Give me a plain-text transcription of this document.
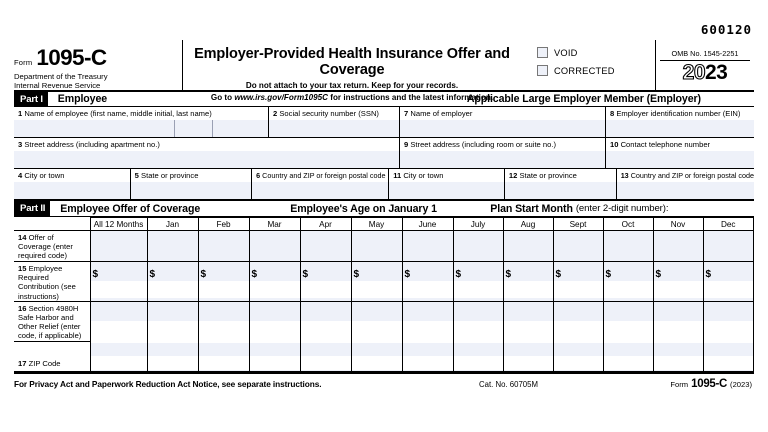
600120
Form 1095-C
Department of the Treasury
Internal Revenue Service
Employer-Provided Health Insurance Offer and Coverage
Do not attach to your tax return. Keep for your records.
Go to www.irs.gov/Form1095C for instructions and the latest information.
VOID
CORRECTED
OMB No. 1545-2251
2023
Part I	Employee	Applicable Large Employer Member (Employer)
1 Name of employee (first name, middle initial, last name)	2 Social security number (SSN)	7 Name of employer	8 Employer identification number (EIN)
3 Street address (including apartment no.)	9 Street address (including room or suite no.)	10 Contact telephone number
4 City or town	5 State or province	6 Country and ZIP or foreign postal code	11 City or town	12 State or province	13 Country and ZIP or foreign postal code
Part II	Employee Offer of Coverage	Employee's Age on January 1	Plan Start Month (enter 2-digit number):
	All 12 Months	Jan	Feb	Mar	Apr	May	June	July	Aug	Sept	Oct	Nov	Dec
14 Offer of Coverage (enter required code)													
15 Employee Required Contribution (see instructions)	$	$	$	$	$	$	$	$	$	$	$	$	$

16 Section 4980H Safe Harbor and Other Relief (enter code, if applicable)	

17 ZIP Code													

For Privacy Act and Paperwork Reduction Act Notice, see separate instructions.	Cat. No. 60705M	Form 1095-C (2023)
